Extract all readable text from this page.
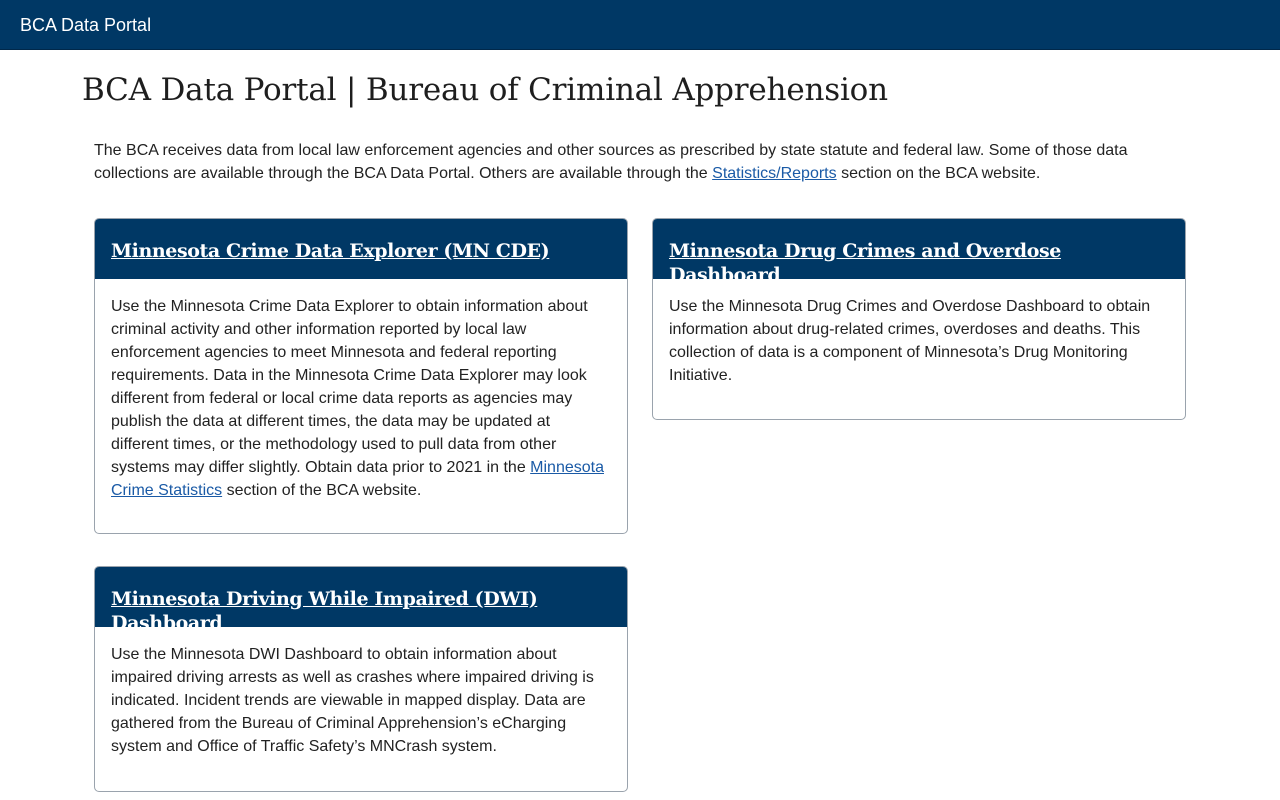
BCA Data Portal
BCA Data Portal | Bureau of Criminal Apprehension

The BCA receives data from local law enforcement agencies and other sources as prescribed by state statute and federal law. Some of those data collections are available through the BCA Data Portal. Others are available through the Statistics/Reports section on the BCA website.

Minnesota Crime Data Explorer (MN CDE)

Use the Minnesota Crime Data Explorer to obtain information about criminal activity and other information reported by local law enforcement agencies to meet Minnesota and federal reporting requirements. Data in the Minnesota Crime Data Explorer may look different from federal or local crime data reports as agencies may publish the data at different times, the data may be updated at different times, or the methodology used to pull data from other systems may differ slightly. Obtain data prior to 2021 in the Minnesota Crime Statistics section of the BCA website.

Minnesota Drug Crimes and Overdose Dashboard

Use the Minnesota Drug Crimes and Overdose Dashboard to obtain information about drug-related crimes, overdoses and deaths. This collection of data is a component of Minnesota’s Drug Monitoring Initiative.

Minnesota Driving While Impaired (DWI) Dashboard

Use the Minnesota DWI Dashboard to obtain information about impaired driving arrests as well as crashes where impaired driving is indicated. Incident trends are viewable in mapped display. Data are gathered from the Bureau of Criminal Apprehension’s eCharging system and Office of Traffic Safety’s MNCrash system.
